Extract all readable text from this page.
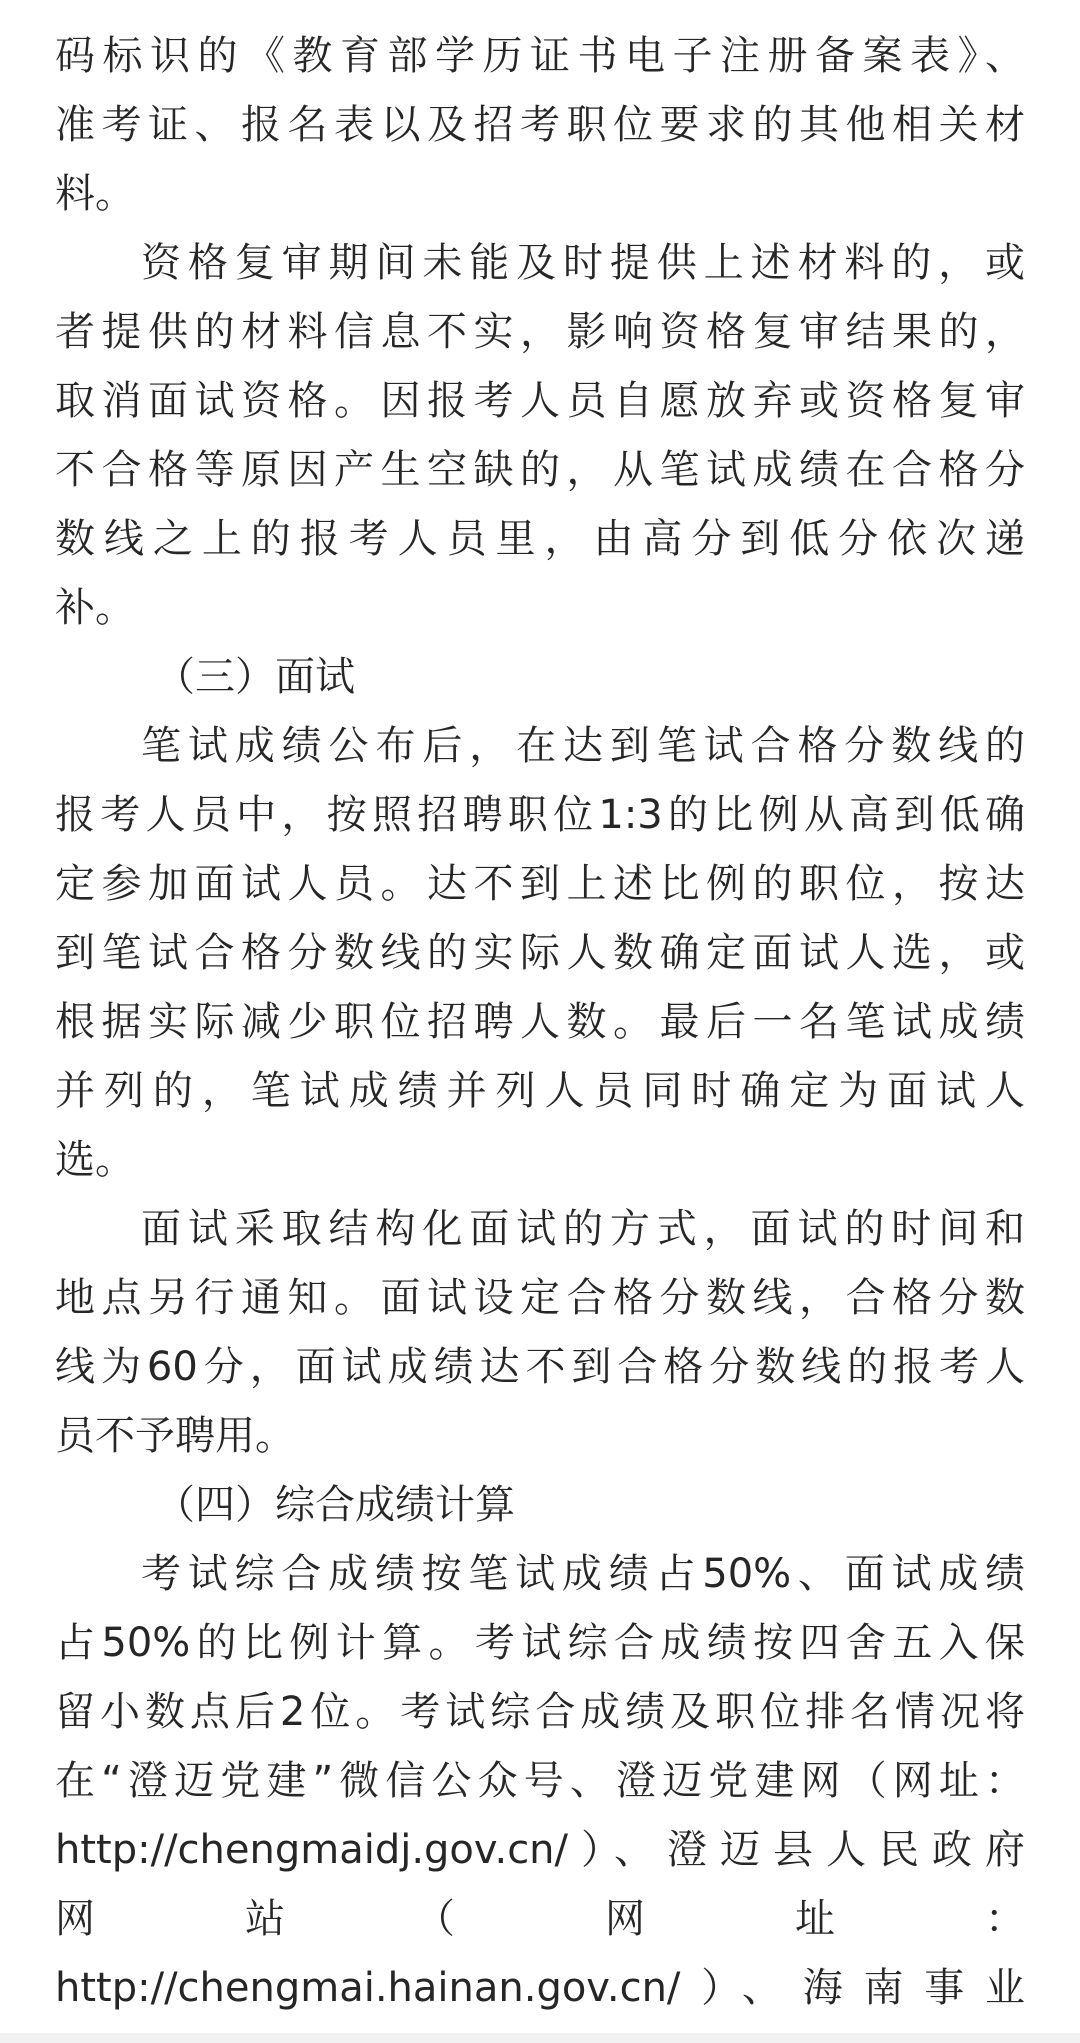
码标识的《教育部学历证书电子注册备案表》、
准考证、报名表以及招考职位要求的其他相关材
料。
资格复审期间未能及时提供上述材料的，或
者提供的材料信息不实，影响资格复审结果的，
取消面试资格。因报考人员自愿放弃或资格复审
不合格等原因产生空缺的，从笔试成绩在合格分
数线之上的报考人员里，由高分到低分依次递
补。
（三）面试
笔试成绩公布后，在达到笔试合格分数线的
报考人员中，按照招聘职位1:3的比例从高到低确
定参加面试人员。达不到上述比例的职位，按达
到笔试合格分数线的实际人数确定面试人选，或
根据实际减少职位招聘人数。最后一名笔试成绩
并列的，笔试成绩并列人员同时确定为面试人
选。
面试采取结构化面试的方式，面试的时间和
地点另行通知。面试设定合格分数线，合格分数
线为60分，面试成绩达不到合格分数线的报考人
员不予聘用。
（四）综合成绩计算
考试综合成绩按笔试成绩占50%、面试成绩
占50%的比例计算。考试综合成绩按四舍五入保
留小数点后2位。考试综合成绩及职位排名情况将
在“澄迈党建”微信公众号、澄迈党建网（网址：
http://chengmaidj.gov.cn/）、澄迈县人民政府
网　站　（　网　址　：
http://chengmai.hainan.gov.cn/）、海南事业
